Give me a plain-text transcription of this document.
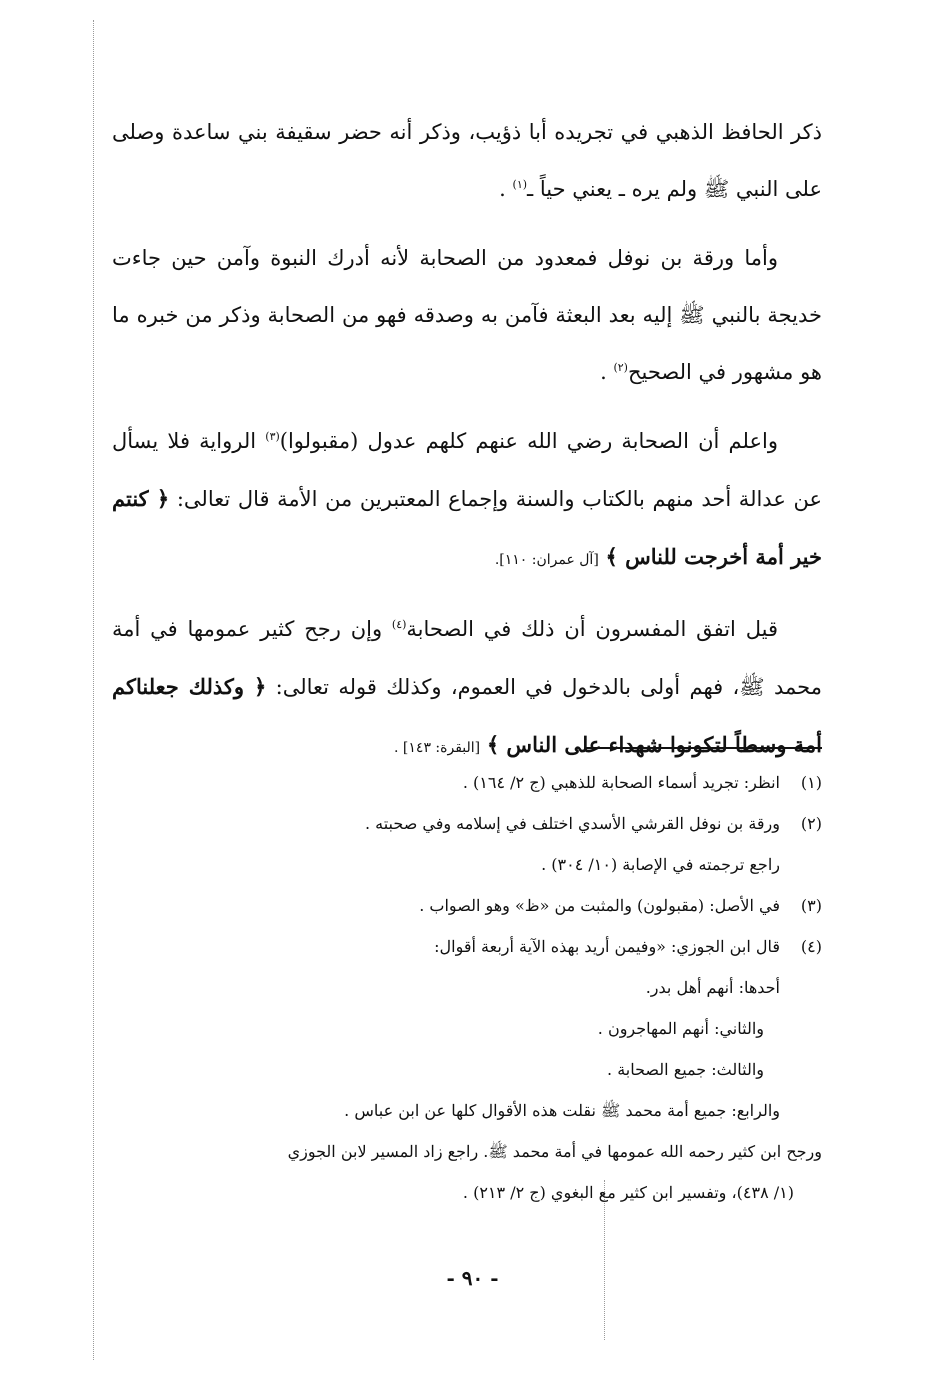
ذكر الحافظ الذهبي في تجريده أبا ذؤيب، وذكر أنه حضر سقيفة بني ساعدة وصلى على النبي ﷺ ولم يره ـ يعني حياً ـ$^{(١)}$ .

وأما ورقة بن نوفل فمعدود من الصحابة لأنه أدرك النبوة وآمن حين جاءت خديجة بالنبي ﷺ إليه بعد البعثة فآمن به وصدقه فهو من الصحابة وذكر من خبره ما هو مشهور في الصحيح$^{(٢)}$ .

واعلم أن الصحابة رضي الله عنهم كلهم عدول (مقبولوا)$^{(٣)}$ الرواية فلا يسأل عن عدالة أحد منهم بالكتاب والسنة وإجماع المعتبرين من الأمة قال تعالى: ﴿ كنتم خير أمة أخرجت للناس ﴾ [آل عمران: ١١٠].

قيل اتفق المفسرون أن ذلك في الصحابة$^{(٤)}$ وإن رجح كثير عمومها في أمة محمد ﷺ، فهم أولى بالدخول في العموم، وكذلك قوله تعالى: ﴿ وكذلك جعلناكم أمة وسطاً لتكونوا شهداء على الناس ﴾ [البقرة: ١٤٣] .

(١)انظر: تجريد أسماء الصحابة للذهبي (ج ٢/ ١٦٤) .

(٢)ورقة بن نوفل القرشي الأسدي اختلف في إسلامه وفي صحبته .

راجع ترجمته في الإصابة (١٠/ ٣٠٤) .

(٣)في الأصل: (مقبولون) والمثبت من «ظ» وهو الصواب .

(٤)قال ابن الجوزي: «وفيمن أريد بهذه الآية أربعة أقوال:

أحدها: أنهم أهل بدر.

والثاني: أنهم المهاجرون .

والثالث: جميع الصحابة .

والرابع: جميع أمة محمد ﷺ نقلت هذه الأقوال كلها عن ابن عباس .

ورجح ابن كثير رحمه الله عمومها في أمة محمد ﷺ. راجع زاد المسير لابن الجوزي

(١/ ٤٣٨)، وتفسير ابن كثير مع البغوي (ج ٢/ ٢١٣) .

- ٩٠ -
